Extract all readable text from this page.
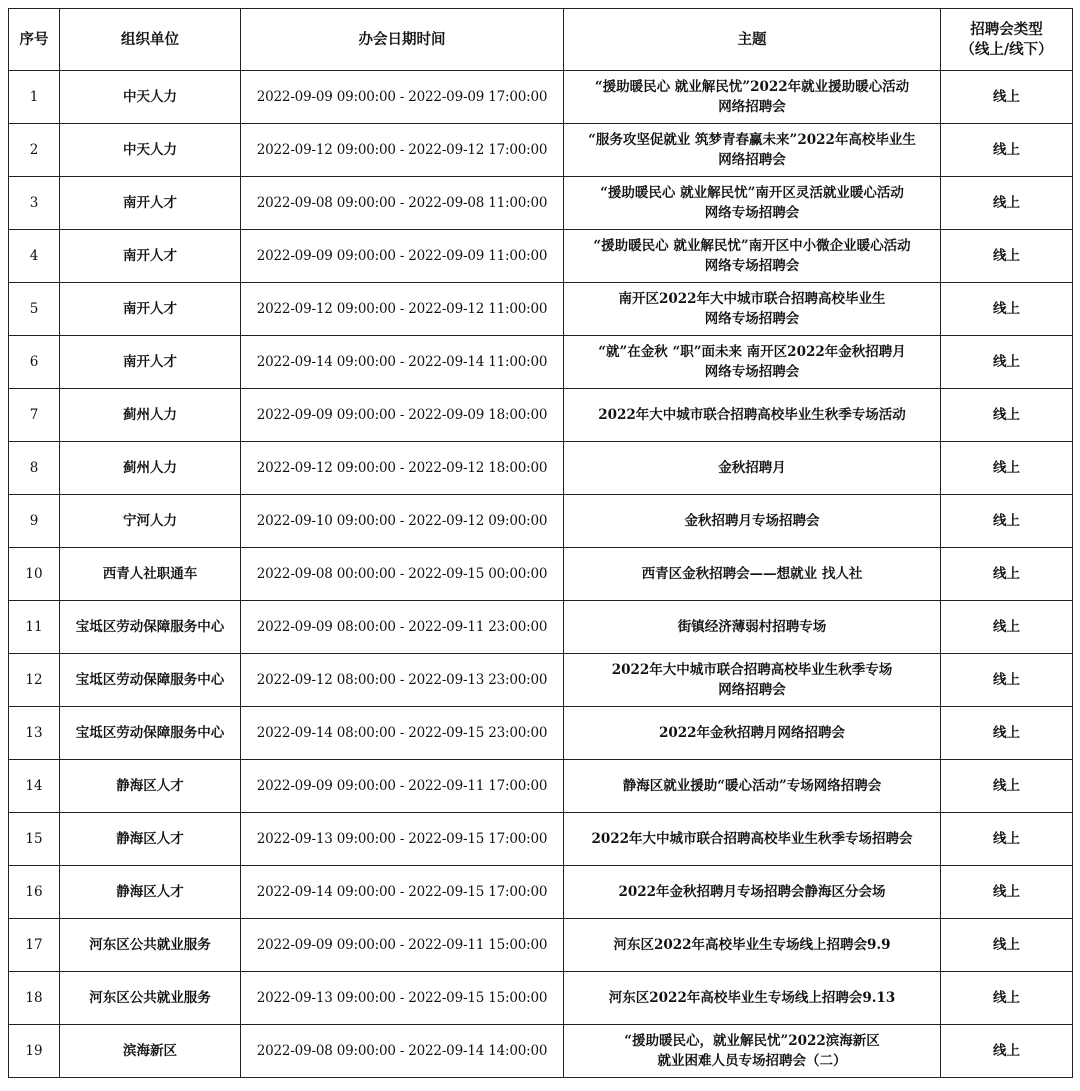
序号	组织单位	办会日期时间	主题	招聘会类型
（线上/线下）

1	中天人力	2022-09-09 09:00:00 - 2022-09-09 17:00:00	“援助暖民心 就业解民忧”2022年就业援助暖心活动
网络招聘会	线上
2	中天人力	2022-09-12 09:00:00 - 2022-09-12 17:00:00	“服务攻坚促就业 筑梦青春赢未来”2022年高校毕业生
网络招聘会	线上
3	南开人才	2022-09-08 09:00:00 - 2022-09-08 11:00:00	“援助暖民心 就业解民忧”南开区灵活就业暖心活动
网络专场招聘会	线上
4	南开人才	2022-09-09 09:00:00 - 2022-09-09 11:00:00	“援助暖民心 就业解民忧”南开区中小微企业暖心活动
网络专场招聘会	线上
5	南开人才	2022-09-12 09:00:00 - 2022-09-12 11:00:00	南开区2022年大中城市联合招聘高校毕业生
网络专场招聘会	线上
6	南开人才	2022-09-14 09:00:00 - 2022-09-14 11:00:00	“就”在金秋 “职”面未来 南开区2022年金秋招聘月
网络专场招聘会	线上
7	蓟州人力	2022-09-09 09:00:00 - 2022-09-09 18:00:00	2022年大中城市联合招聘高校毕业生秋季专场活动	线上
8	蓟州人力	2022-09-12 09:00:00 - 2022-09-12 18:00:00	金秋招聘月	线上
9	宁河人力	2022-09-10 09:00:00 - 2022-09-12 09:00:00	金秋招聘月专场招聘会	线上
10	西青人社职通车	2022-09-08 00:00:00 - 2022-09-15 00:00:00	西青区金秋招聘会——想就业 找人社	线上
11	宝坻区劳动保障服务中心	2022-09-09 08:00:00 - 2022-09-11 23:00:00	街镇经济薄弱村招聘专场	线上
12	宝坻区劳动保障服务中心	2022-09-12 08:00:00 - 2022-09-13 23:00:00	2022年大中城市联合招聘高校毕业生秋季专场
网络招聘会	线上
13	宝坻区劳动保障服务中心	2022-09-14 08:00:00 - 2022-09-15 23:00:00	2022年金秋招聘月网络招聘会	线上
14	静海区人才	2022-09-09 09:00:00 - 2022-09-11 17:00:00	静海区就业援助“暖心活动”专场网络招聘会	线上
15	静海区人才	2022-09-13 09:00:00 - 2022-09-15 17:00:00	2022年大中城市联合招聘高校毕业生秋季专场招聘会	线上
16	静海区人才	2022-09-14 09:00:00 - 2022-09-15 17:00:00	2022年金秋招聘月专场招聘会静海区分会场	线上
17	河东区公共就业服务	2022-09-09 09:00:00 - 2022-09-11 15:00:00	河东区2022年高校毕业生专场线上招聘会9.9	线上
18	河东区公共就业服务	2022-09-13 09:00:00 - 2022-09-15 15:00:00	河东区2022年高校毕业生专场线上招聘会9.13	线上
19	滨海新区	2022-09-08 09:00:00 - 2022-09-14 14:00:00	“援助暖民心，就业解民忧”2022滨海新区
就业困难人员专场招聘会（二）	线上
